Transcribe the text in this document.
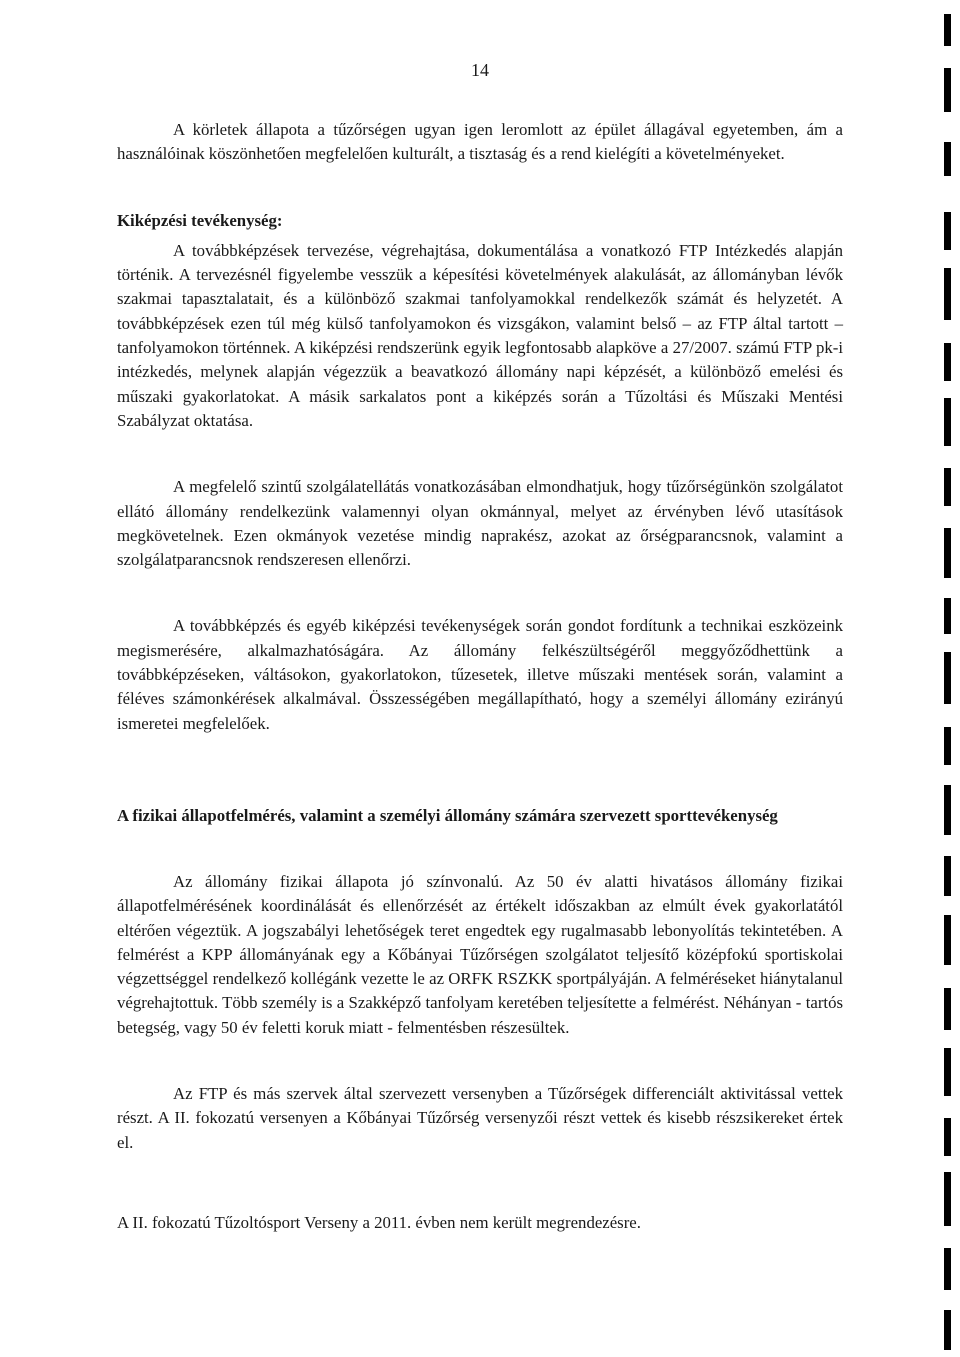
14

A körletek állapota a tűzőrségen ugyan igen leromlott az épület állagával egyetemben, ám a használóinak köszönhetően megfelelően kulturált, a tisztaság és a rend kielégíti a követelményeket.

Kiképzési tevékenység:

A továbbképzések tervezése, végrehajtása, dokumentálása a vonatkozó FTP Intézkedés alapján történik. A tervezésnél figyelembe vesszük a képesítési követelmények alakulását, az állományban lévők szakmai tapasztalatait, és a különböző szakmai tanfolyamokkal rendelkezők számát és helyzetét. A továbbképzések ezen túl még külső tanfolyamokon és vizsgákon, valamint belső – az FTP által tartott – tanfolyamokon történnek. A kiképzési rendszerünk egyik legfontosabb alapköve a 27/2007. számú FTP pk-i intézkedés, melynek alapján végezzük a beavatkozó állomány napi képzését, a különböző emelési és műszaki gyakorlatokat. A másik sarkalatos pont a kiképzés során a Tűzoltási és Műszaki Mentési Szabályzat oktatása.

A megfelelő szintű szolgálatellátás vonatkozásában elmondhatjuk, hogy tűzőrségünkön szolgálatot ellátó állomány rendelkezünk valamennyi olyan okmánnyal, melyet az érvényben lévő utasítások megkövetelnek. Ezen okmányok vezetése mindig naprakész, azokat az őrségparancsnok, valamint a szolgálatparancsnok rendszeresen ellenőrzi.

A továbbképzés és egyéb kiképzési tevékenységek során gondot fordítunk a technikai eszközeink megismerésére, alkalmazhatóságára. Az állomány felkészültségéről meggyőződhettünk a továbbképzéseken, váltásokon, gyakorlatokon, tűzesetek, illetve műszaki mentések során, valamint a féléves számonkérések alkalmával. Összességében megállapítható, hogy a személyi állomány ezirányú ismeretei megfelelőek.

A fizikai állapotfelmérés, valamint a személyi állomány számára szervezett sporttevékenység

Az állomány fizikai állapota jó színvonalú. Az 50 év alatti hivatásos állomány fizikai állapotfelmérésének koordinálását és ellenőrzését az értékelt időszakban az elmúlt évek gyakorlatától eltérően végeztük. A jogszabályi lehetőségek teret engedtek egy rugalmasabb lebonyolítás tekintetében. A felmérést a KPP állományának egy a Kőbányai Tűzőrségen szolgálatot teljesítő középfokú sportiskolai végzettséggel rendelkező kollégánk vezette le az ORFK RSZKK sportpályáján. A felméréseket hiánytalanul végrehajtottuk. Több személy is a Szakképző tanfolyam keretében teljesítette a felmérést. Néhányan - tartós betegség, vagy 50 év feletti koruk miatt - felmentésben részesültek.

Az FTP és más szervek által szervezett versenyben a Tűzőrségek differenciált aktivitással vettek részt. A II. fokozatú versenyen a Kőbányai Tűzőrség versenyzői részt vettek és kisebb részsikereket értek el.

A II. fokozatú Tűzoltósport Verseny a 2011. évben nem került megrendezésre.
